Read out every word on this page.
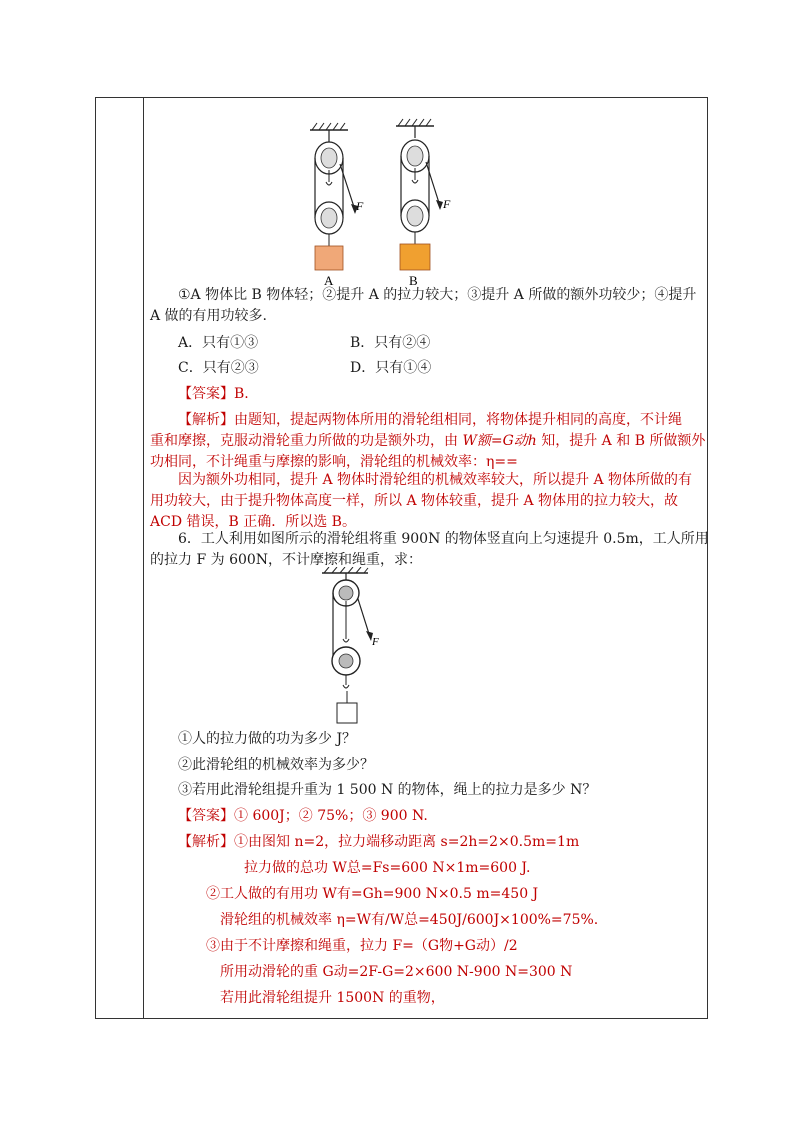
F
A
F
B
①A 物体比 B 物体轻；②提升 A 的拉力较大；③提升 A 所做的额外功较少；④提升
A 做的有用功较多.
A．只有①③	B．只有②④
C．只有②③	D．只有①④
【答案】B.
【解析】由题知，提起两物体所用的滑轮组相同，将物体提升相同的高度，不计绳
重和摩擦，克服动滑轮重力所做的功是额外功，由 W额=G动h 知，提升 A 和 B 所做额外
功相同，不计绳重与摩擦的影响，滑轮组的机械效率：η==
因为额外功相同，提升 A 物体时滑轮组的机械效率较大，所以提升 A 物体所做的有
用功较大，由于提升物体高度一样，所以 A 物体较重，提升 A 物体用的拉力较大，故
ACD 错误，B 正确．所以选 B。
6．工人利用如图所示的滑轮组将重 900N 的物体竖直向上匀速提升 0.5m，工人所用
的拉力 F 为 600N，不计摩擦和绳重，求：
F
①人的拉力做的功为多少 J？
②此滑轮组的机械效率为多少？
③若用此滑轮组提升重为 1 500 N 的物体，绳上的拉力是多少 N？
【答案】① 600J；② 75%；③ 900 N.
【解析】①由图知 n=2，拉力端移动距离 s=2h=2×0.5m=1m
拉力做的总功 W总=Fs=600 N×1m=600 J.
②工人做的有用功 W有=Gh=900 N×0.5 m=450 J
滑轮组的机械效率 η=W有/W总=450J/600J×100%=75%.
③由于不计摩擦和绳重，拉力 F=（G物+G动）/2
所用动滑轮的重 G动=2F-G=2×600 N-900 N=300 N
若用此滑轮组提升 1500N 的重物，
